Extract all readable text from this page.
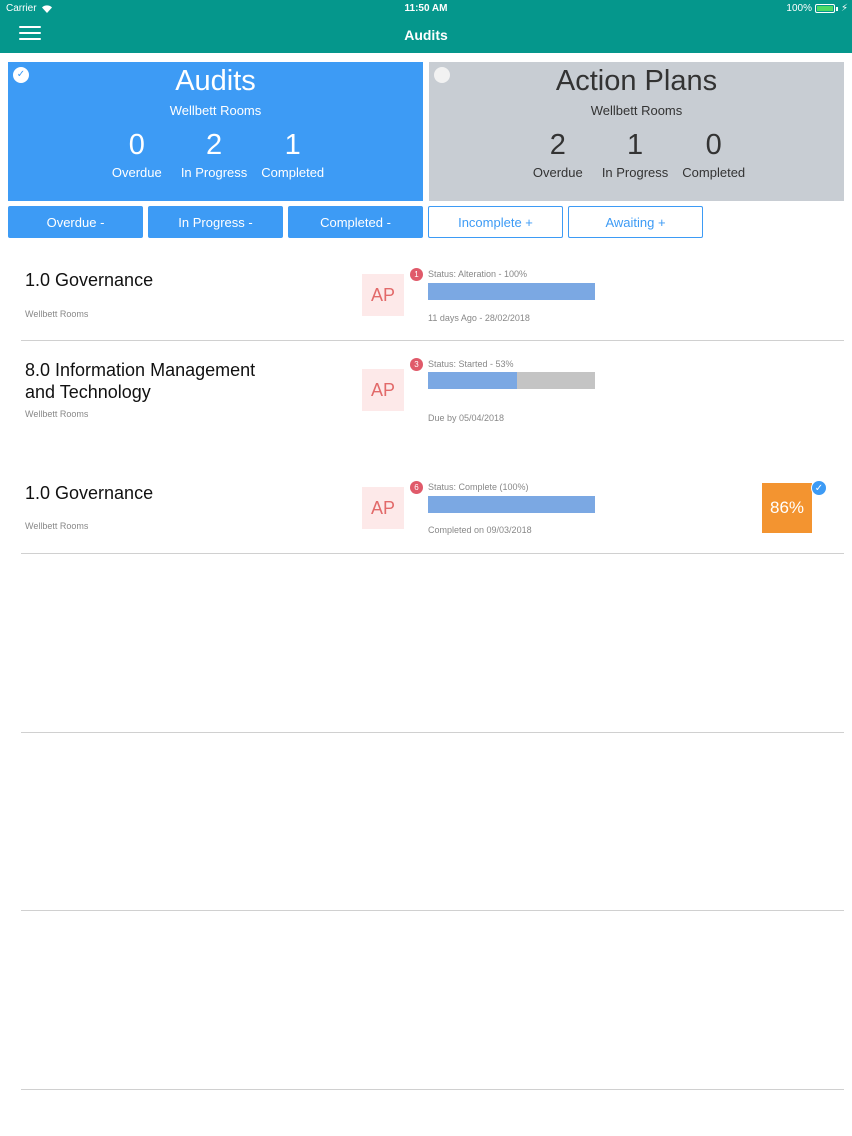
Carrier	11:50 AM	100%	⚡
Audits
✓	Audits
Wellbett Rooms
0
Overdue
2
In Progress
1
Completed
Action Plans
Wellbett Rooms
2
Overdue
1
In Progress
0
Completed
Overdue -	In Progress -	Completed -	Incomplete +	Awaiting +
1.0 Governance
Wellbett Rooms
AP
1	Status: Alteration - 100%
11 days Ago - 28/02/2018
8.0 Information Management and Technology
Wellbett Rooms
AP
3	Status: Started - 53%
Due by 05/04/2018
1.0 Governance
Wellbett Rooms
AP
6	Status: Complete (100%)
Completed on 09/03/2018
86%
✓
